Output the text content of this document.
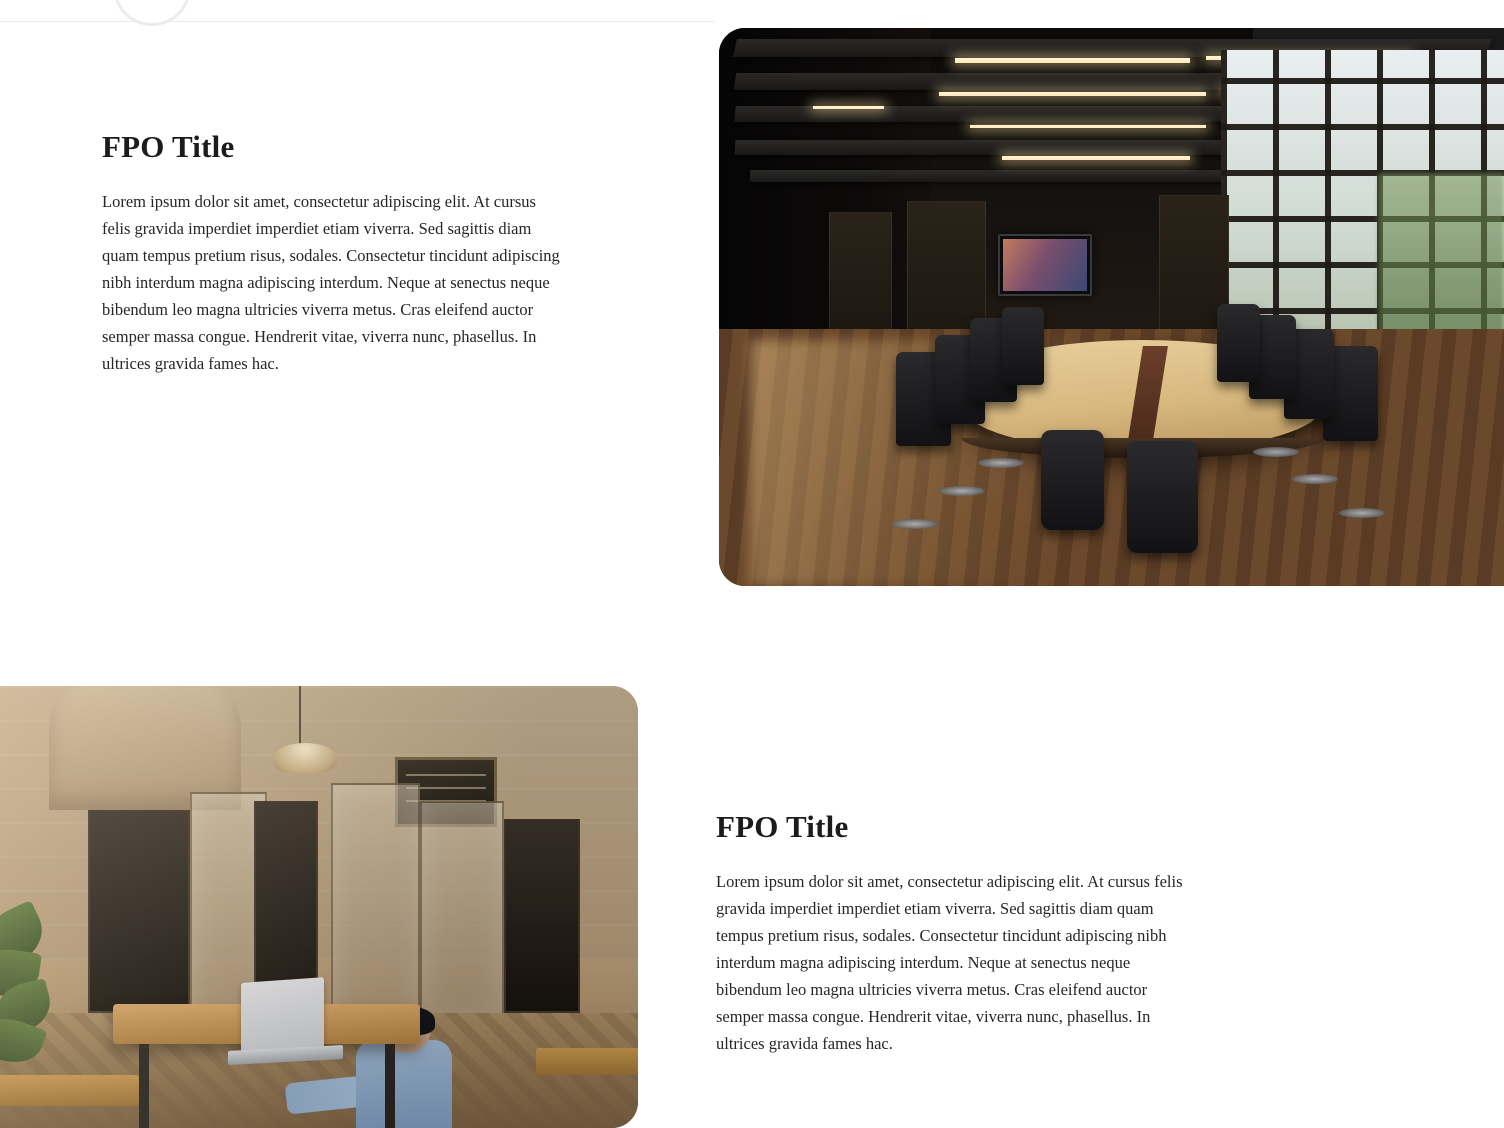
FPO Title

Lorem ipsum dolor sit amet, consectetur adipiscing elit. At cursus felis gravida imperdiet imperdiet etiam viverra. Sed sagittis diam quam tempus pretium risus, sodales. Consectetur tincidunt adipiscing nibh interdum magna adipiscing interdum. Neque at senectus neque bibendum leo magna ultricies viverra metus. Cras eleifend auctor semper massa congue. Hendrerit vitae, viverra nunc, phasellus. In ultrices gravida fames hac.

FPO Title

Lorem ipsum dolor sit amet, consectetur adipiscing elit. At cursus felis gravida imperdiet imperdiet etiam viverra. Sed sagittis diam quam tempus pretium risus, sodales. Consectetur tincidunt adipiscing nibh interdum magna adipiscing interdum. Neque at senectus neque bibendum leo magna ultricies viverra metus. Cras eleifend auctor semper massa congue. Hendrerit vitae, viverra nunc, phasellus. In ultrices gravida fames hac.
